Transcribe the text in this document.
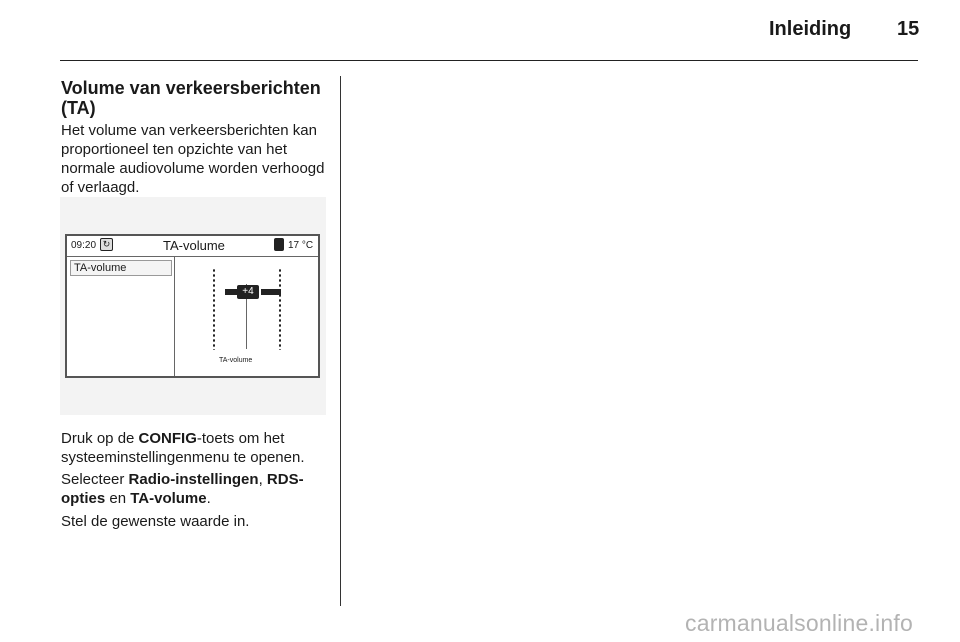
Inleiding 15
Volume van verkeersberichten (TA)
Het volume van verkeersberichten kan proportioneel ten opzichte van het normale audiovolume worden verhoogd of verlaagd.
09:20 ↻	TA-volume	17 °C
TA-volume
+4
TA-volume
Druk op de CONFIG-toets om het systeeminstellingenmenu te openen.
Selecteer Radio-instellingen, RDS-opties en TA-volume.
Stel de gewenste waarde in.
carmanualsonline.info
